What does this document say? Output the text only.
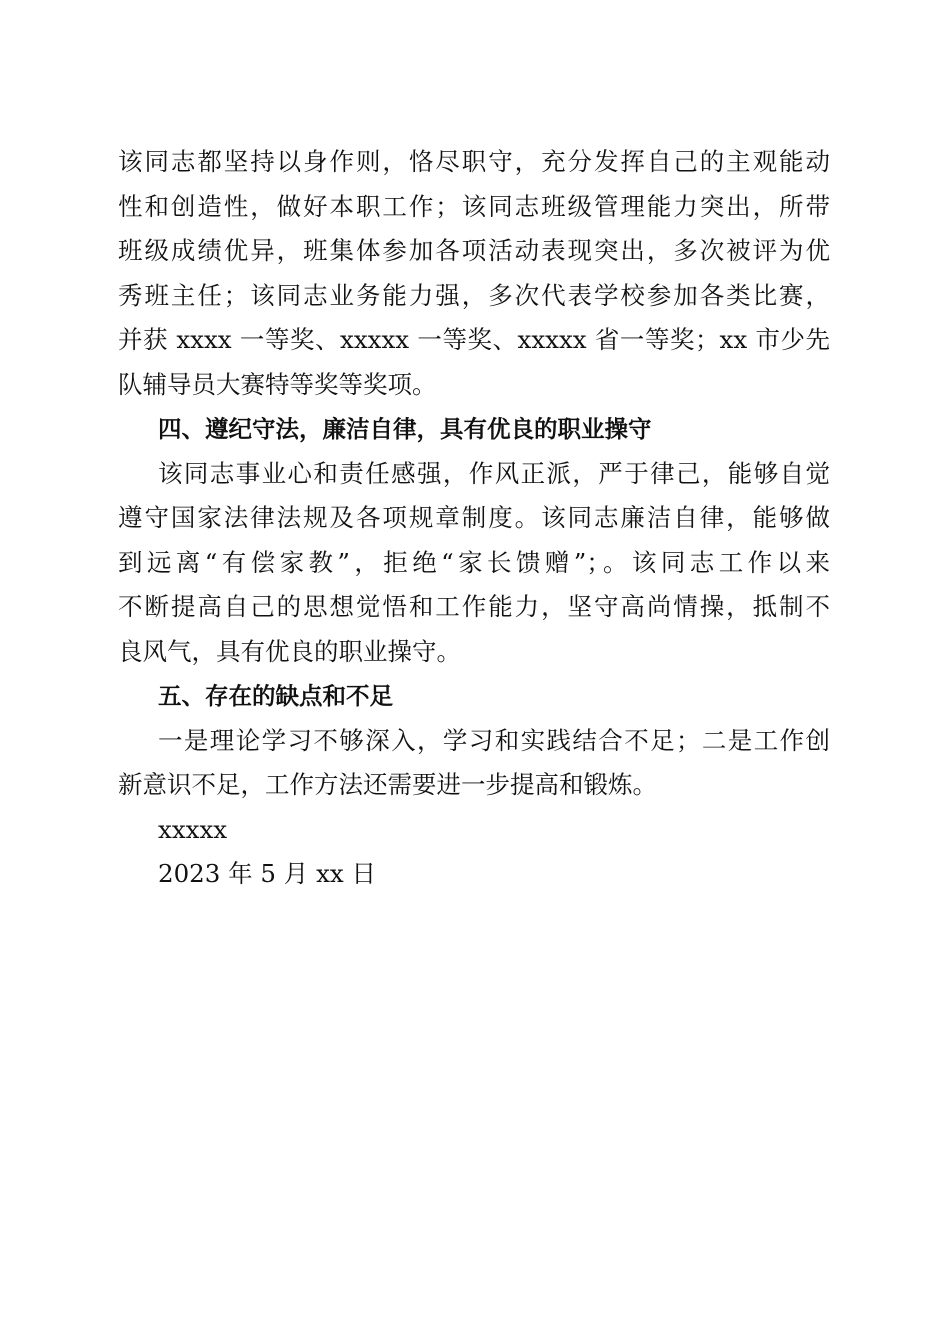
该同志都坚持以身作则，恪尽职守，充分发挥自己的主观能动
性和创造性，做好本职工作；该同志班级管理能力突出，所带
班级成绩优异，班集体参加各项活动表现突出，多次被评为优
秀班主任；该同志业务能力强，多次代表学校参加各类比赛，
并获 xxxx 一等奖、xxxxx 一等奖、xxxxx 省一等奖；xx 市少先
队辅导员大赛特等奖等奖项。
四、遵纪守法，廉洁自律，具有优良的职业操守
该同志事业心和责任感强，作风正派，严于律己，能够自觉
遵守国家法律法规及各项规章制度。该同志廉洁自律，能够做
到远离“有偿家教”，拒绝“家长馈赠”；。该同志工作以来
不断提高自己的思想觉悟和工作能力，坚守高尚情操，抵制不
良风气，具有优良的职业操守。
五、存在的缺点和不足
一是理论学习不够深入，学习和实践结合不足；二是工作创
新意识不足，工作方法还需要进一步提高和锻炼。
xxxxx
2023 年 5 月 xx 日
